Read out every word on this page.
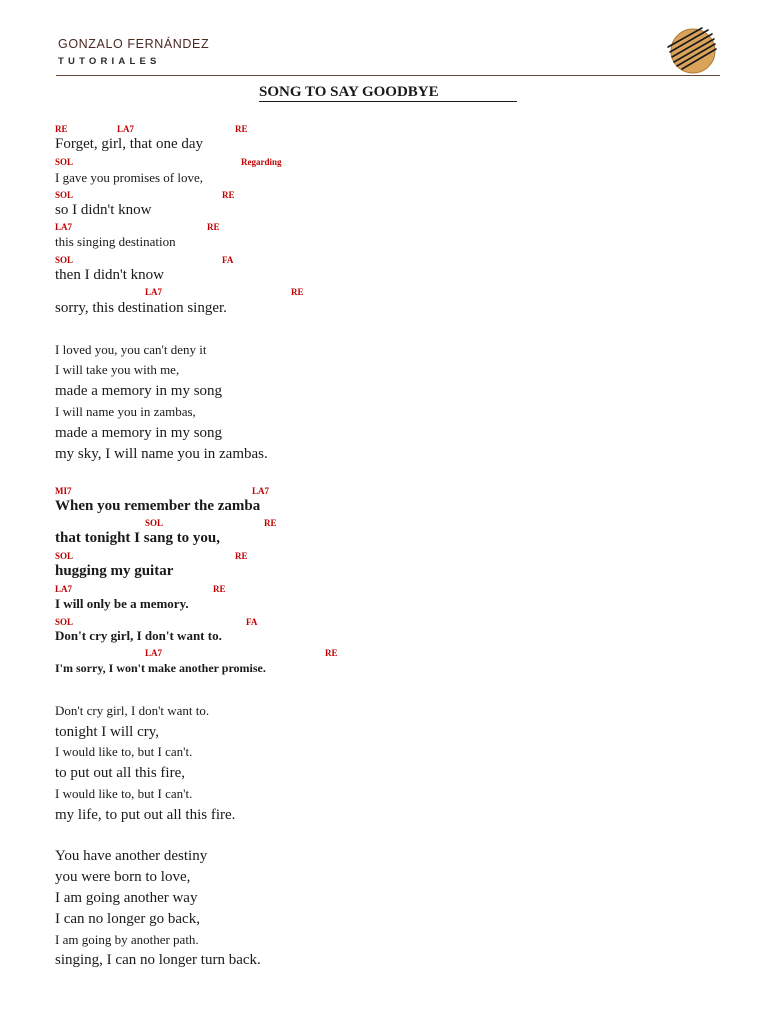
GONZALO FERNÁNDEZ
TUTORIALES
SONG TO SAY GOODBYE
RE	LA7	RE
Forget, girl, that one day
SOL	Regarding
I gave you promises of love,
SOL	RE
so I didn't know
LA7	RE
this singing destination
SOL	FA
then I didn't know
LA7	RE
sorry, this destination singer.
I loved you, you can't deny it
I will take you with me,
made a memory in my song
I will name you in zambas,
made a memory in my song
my sky, I will name you in zambas.
MI7	LA7
When you remember the zamba
SOL	RE
that tonight I sang to you,
SOL	RE
hugging my guitar
LA7	RE
I will only be a memory.
SOL	FA
Don't cry girl, I don't want to.
LA7	RE
I'm sorry, I won't make another promise.
Don't cry girl, I don't want to.
tonight I will cry,
I would like to, but I can't.
to put out all this fire,
I would like to, but I can't.
my life, to put out all this fire.
You have another destiny
you were born to love,
I am going another way
I can no longer go back,
I am going by another path.
singing, I can no longer turn back.
